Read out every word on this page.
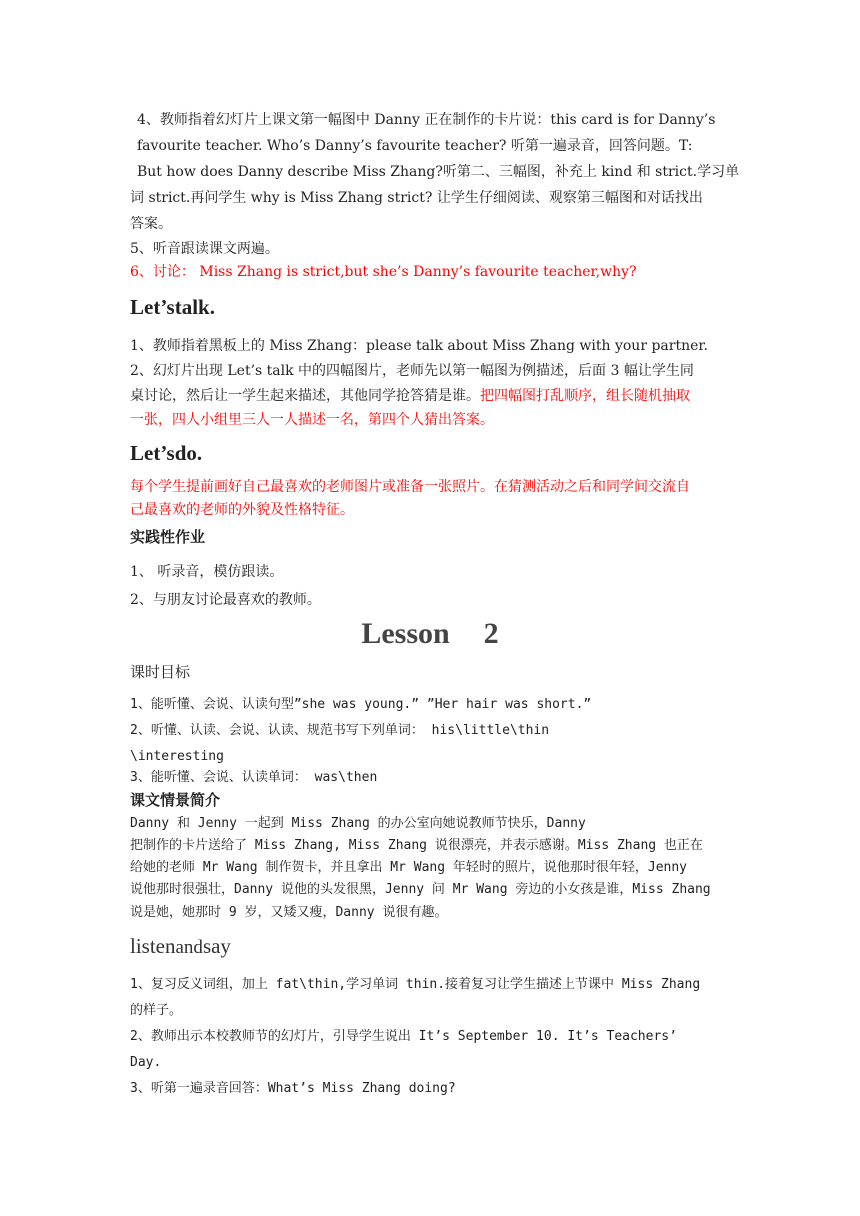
4、教师指着幻灯片上课文第一幅图中 Danny 正在制作的卡片说：this card is for Danny’s
favourite teacher. Who’s Danny’s favourite teacher? 听第一遍录音，回答问题。T:
But how does Danny describe Miss Zhang?听第二、三幅图，补充上 kind 和 strict.学习单
词 strict.再问学生 why is Miss Zhang strict? 让学生仔细阅读、观察第三幅图和对话找出
答案。
5、听音跟读课文两遍。
6、讨论： Miss Zhang is strict,but she’s Danny’s favourite teacher,why?
Let’stalk.
1、教师指着黑板上的 Miss Zhang：please talk about Miss Zhang with your partner.
2、幻灯片出现 Let’s talk 中的四幅图片，老师先以第一幅图为例描述，后面 3 幅让学生同
桌讨论，然后让一学生起来描述，其他同学抢答猜是谁。把四幅图打乱顺序，组长随机抽取
一张，四人小组里三人一人描述一名，第四个人猜出答案。
Let’sdo.
每个学生提前画好自己最喜欢的老师图片或准备一张照片。在猜测活动之后和同学间交流自
己最喜欢的老师的外貌及性格特征。
实践性作业
1、 听录音，模仿跟读。
2、与朋友讨论最喜欢的教师。
Lesson 2
课时目标
1、能听懂、会说、认读句型”she was young.” ”Her hair was short.”
2、听懂、认读、会说、认读、规范书写下列单词： his\little\thin
\interesting
3、能听懂、会说、认读单词： was\then
课文情景简介
Danny 和 Jenny 一起到 Miss Zhang 的办公室向她说教师节快乐，Danny
把制作的卡片送给了 Miss Zhang, Miss Zhang 说很漂亮，并表示感谢。Miss Zhang 也正在
给她的老师 Mr Wang 制作贺卡，并且拿出 Mr Wang 年轻时的照片，说他那时很年轻，Jenny
说他那时很强壮，Danny 说他的头发很黑，Jenny 问 Mr Wang 旁边的小女孩是谁，Miss Zhang
说是她，她那时 9 岁，又矮又瘦，Danny 说很有趣。
listenandsay
1、复习反义词组，加上 fat\thin,学习单词 thin.接着复习让学生描述上节课中 Miss Zhang
的样子。
2、教师出示本校教师节的幻灯片，引导学生说出 It’s September 10. It’s Teachers’
Day.
3、听第一遍录音回答：What’s Miss Zhang doing?
